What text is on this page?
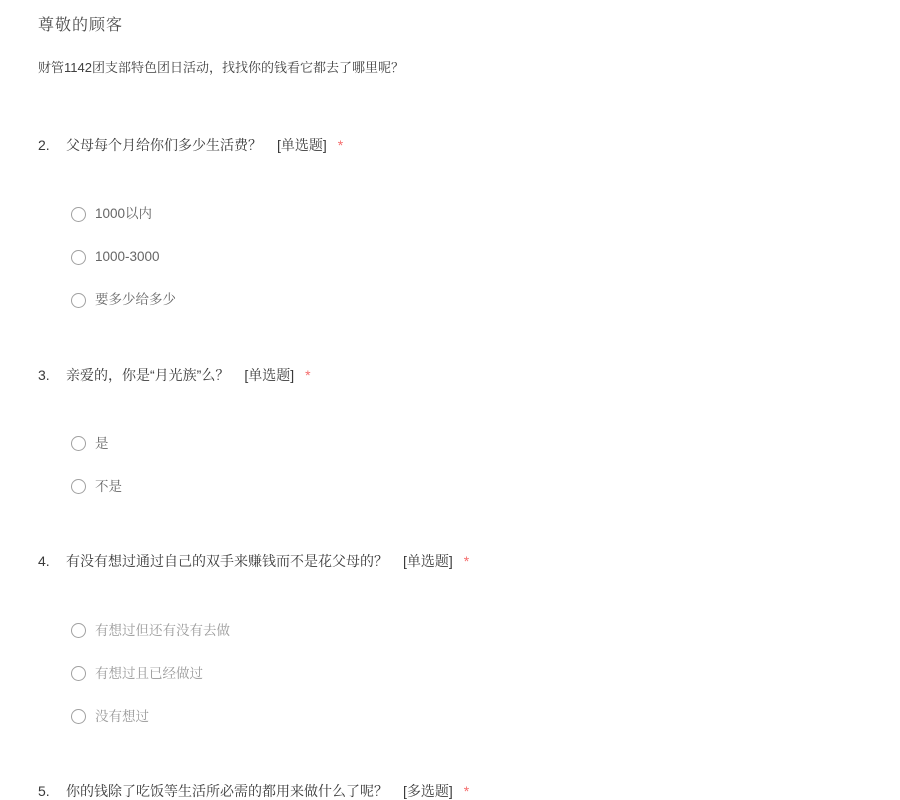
尊敬的顾客
财管1142团支部特色团日活动，找找你的钱看它都去了哪里呢？
2. 父母每个月给你们多少生活费？ [单选题] *
1000以内
1000-3000
要多少给多少
3. 亲爱的，你是“月光族”么？ [单选题] *
是
不是
4. 有没有想过通过自己的双手来赚钱而不是花父母的？ [单选题] *
有想过但还有没有去做
有想过且已经做过
没有想过
5. 你的钱除了吃饭等生活所必需的都用来做什么了呢？ [多选题] *
